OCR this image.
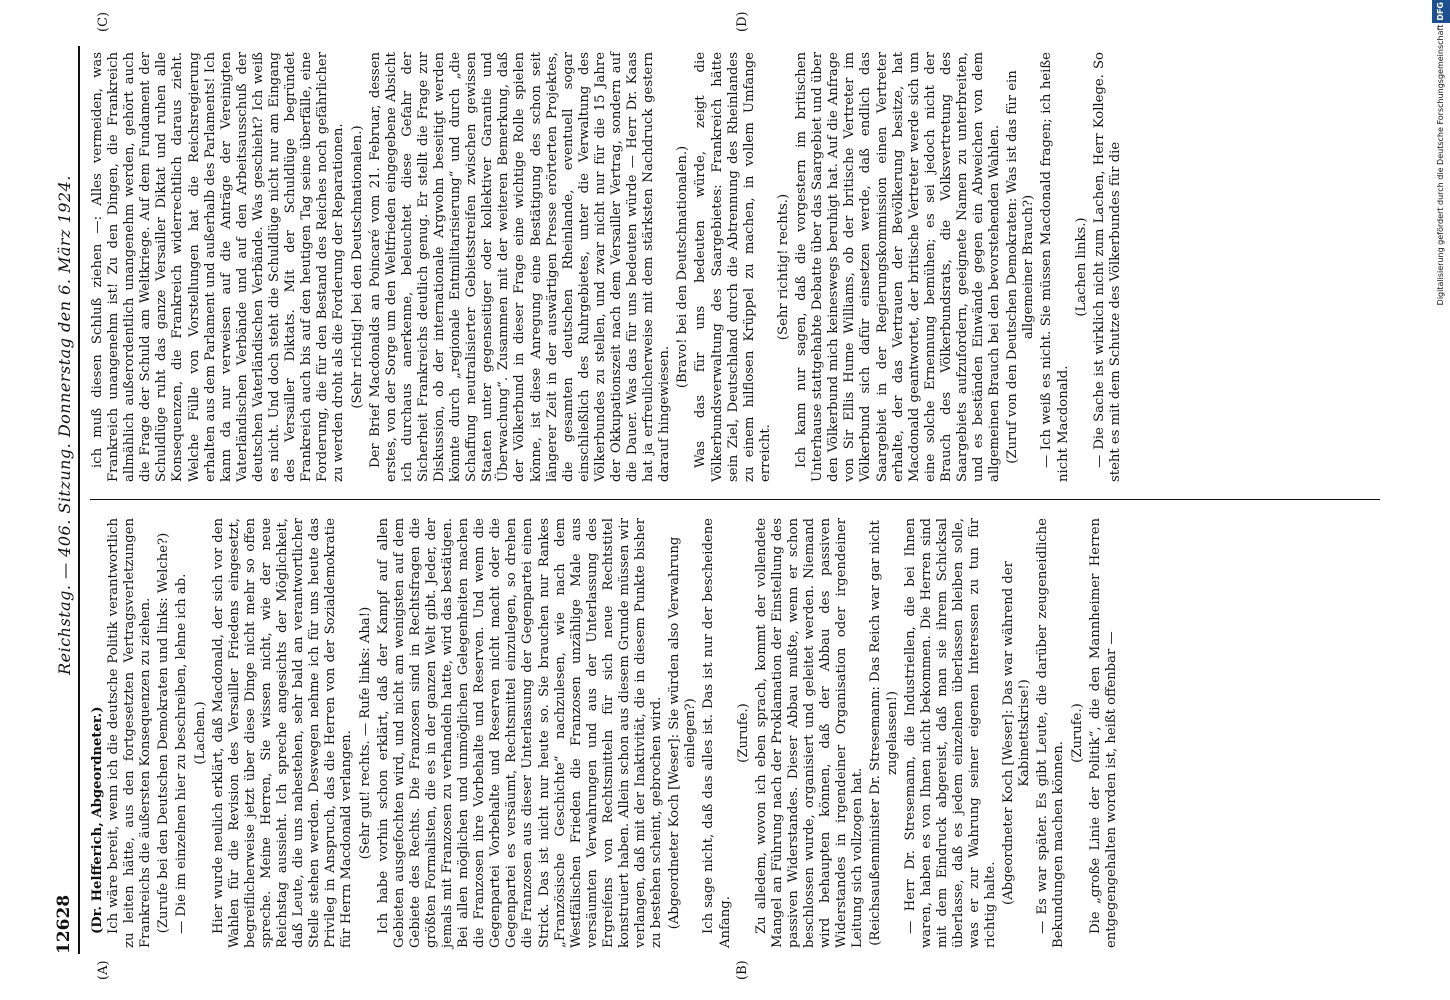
12628
Reichstag. — 406. Sitzung. Donnerstag den 6. März 1924.
(A)	(B)
(C)	(D)

(Dr. Helfferich, Abgeordneter.) Ich wäre bereit, wenn ich die deutsche Politik verantwortlich zu leiten hätte, aus den fortgesetzten Vertragsverletzungen Frankreichs die äußersten Konsequenzen zu ziehen. (Zurufe bei den Deutschen Demokraten und links: Welche?) — Die im einzelnen hier zu beschreiben, lehne ich ab. (Lachen.) Hier wurde neulich erklärt, daß Macdonald, der sich vor den Wahlen für die Revision des Versailler Friedens eingesetzt, begreiflicherweise jetzt über diese Dinge nicht mehr so offen spreche. Meine Herren, Sie wissen nicht, wie der neue Reichstag aussieht. Ich spreche angesichts der Möglichkeit, daß Leute, die uns nahestehen, sehr bald an verantwortlicher Stelle stehen werden. Deswegen nehme ich für uns heute das Privileg in Anspruch, das die Herren von der Sozialdemokratie für Herrn Macdonald verlangen. (Sehr gut! rechts. — Rufe links: Aha!) Ich habe vorhin schon erklärt, daß der Kampf auf allen Gebieten ausgefochten wird, und nicht am wenigsten auf dem Gebiete des Rechts. Die Franzosen sind in Rechtsfragen die größten Formalisten, die es in der ganzen Welt gibt. Jeder, der jemals mit Franzosen zu verhandeln hatte, wird das bestätigen. Bei allen möglichen und unmöglichen Gelegenheiten machen die Franzosen ihre Vorbehalte und Reserven. Und wenn die Gegenpartei Vorbehalte und Reserven nicht macht oder die Gegenpartei es versäumt, Rechtsmittel einzulegen, so drehen die Franzosen aus dieser Unterlassung der Gegenpartei einen Strick. Das ist nicht nur heute so. Sie brauchen nur Rankes „Französische Geschichte“ nachzulesen, wie nach dem Westfälischen Frieden die Franzosen unzählige Male aus versäumten Verwahrungen und aus der Unterlassung des Ergreifens von Rechtsmitteln für sich neue Rechtstitel konstruiert haben. Allein schon aus diesem Grunde müssen wir verlangen, daß mit der Inaktivität, die in diesem Punkte bisher zu bestehen scheint, gebrochen wird. (Abgeordneter Koch [Weser]: Sie würden also Verwahrung einlegen?) Ich sage nicht, daß das alles ist. Das ist nur der bescheidene Anfang.

(Zurufe.) Zu alledem, wovon ich eben sprach, kommt der vollendete Mangel an Führung nach der Proklamation der Einstellung des passiven Widerstandes. Dieser Abbau mußte, wenn er schon beschlossen wurde, organisiert und geleitet werden. Niemand wird behaupten können, daß der Abbau des passiven Widerstandes in irgendeiner Organisation oder irgendeiner Leitung sich vollzogen hat. (Reichsaußenminister Dr. Stresemann: Das Reich war gar nicht zugelassen!) — Herr Dr. Stresemann, die Industriellen, die bei Ihnen waren, haben es von Ihnen nicht bekommen. Die Herren sind mit dem Eindruck abgereist, daß man sie ihrem Schicksal überlasse, daß es jedem einzelnen überlassen bleiben solle, was er zur Wahrung seiner eigenen Interessen zu tun für richtig halte. (Abgeordneter Koch [Weser]: Das war während der Kabinettskrise!) — Es war später. Es gibt Leute, die darüber zeugeneidliche Bekundungen machen können.

(Zurufe.) Die „große Linie der Politik“, die den Mannheimer Herren entgegengehalten worden ist, heißt offenbar —

ich muß diesen Schluß ziehen —: Alles vermeiden, was Frankreich unangenehm ist! Zu den Dingen, die Frankreich allmählich außerordentlich unangenehm werden, gehört auch die Frage der Schuld am Weltkriege. Auf dem Fundament der Schuldlüge ruht das ganze Versailler Diktat und ruhen alle Konsequenzen, die Frankreich widerrechtlich daraus zieht. Welche Fülle von Vorstellungen hat die Reichsregierung erhalten aus dem Parlament und außerhalb des Parlaments! Ich kann da nur verweisen auf die Anträge der Vereinigten Vaterländischen Verbände und auf den Arbeitsausschuß der deutschen Vaterländischen Verbände. Was geschieht? Ich weiß es nicht. Und doch steht die Schuldlüge nicht nur am Eingang des Versailler Diktats. Mit der Schuldlüge begründet Frankreich auch bis auf den heutigen Tag seine überfälle, eine Forderung, die für den Bestand des Reiches noch gefährlicher zu werden droht als die Forderung der Reparationen. (Sehr richtig! bei den Deutschnationalen.) Der Brief Macdonalds an Poincaré vom 21. Februar, dessen erstes, von der Sorge um den Weltfrieden eingegebene Absicht ich durchaus anerkenne, beleuchtet diese Gefahr der Sicherheit Frankreichs deutlich genug. Er stellt die Frage zur Diskussion, ob der internationale Argwohn beseitigt werden könnte durch „regionale Entmilitarisierung“ und durch „die Schaffung neutralisierter Gebietsstreifen zwischen gewissen Staaten unter gegenseitiger oder kollektiver Garantie und Überwachung“. Zusammen mit der weiteren Bemerkung, daß der Völkerbund in dieser Frage eine wichtige Rolle spielen könne, ist diese Anregung eine Bestätigung des schon seit längerer Zeit in der auswärtigen Presse erörterten Projektes, die gesamten deutschen Rheinlande, eventuell sogar einschließlich des Ruhrgebietes, unter die Verwaltung des Völkerbundes zu stellen, und zwar nicht nur für die 15 Jahre der Okkupationszeit nach dem Versailler Vertrag, sondern auf die Dauer. Was das für uns bedeuten würde — Herr Dr. Kaas hat ja erfreulicherweise mit dem stärksten Nachdruck gestern darauf hingewiesen.

(Bravo! bei den Deutschnationalen.) Was das für uns bedeuten würde, zeigt die Völkerbundsverwaltung des Saargebietes: Frankreich hätte sein Ziel, Deutschland durch die Abtrennung des Rheinlandes zu einem hilflosen Krüppel zu machen, in vollem Umfange erreicht.

(Sehr richtig! rechts.) Ich kann nur sagen, daß die vorgestern im britischen Unterhause stattgehabte Debatte über das Saargebiet und über den Völkerbund mich keineswegs beruhigt hat. Auf die Anfrage von Sir Ellis Hume Williams, ob der britische Vertreter im Völkerbund sich dafür einsetzen werde, daß endlich das Saargebiet in der Regierungskommission einen Vertreter erhalte, der das Vertrauen der Bevölkerung besitze, hat Macdonald geantwortet, der britische Vertreter werde sich um eine solche Ernennung bemühen; es sei jedoch nicht der Brauch des Völkerbundsrats, die Volksvertretung des Saargebiets aufzufordern, geeignete Namen zu unterbreiten, und es beständen Einwände gegen ein Abweichen von dem allgemeinen Brauch bei den bevorstehenden Wahlen. (Zuruf von den Deutschen Demokraten: Was ist das für ein allgemeiner Brauch?) — Ich weiß es nicht. Sie müssen Macdonald fragen; ich heiße nicht Macdonald.

(Lachen links.) — Die Sache ist wirklich nicht zum Lachen, Herr Kollege. So steht es mit dem Schutze des Völkerbundes für die	Digitalisierung gefördert durch die Deutsche ForschungsgemeinschaftDFG
